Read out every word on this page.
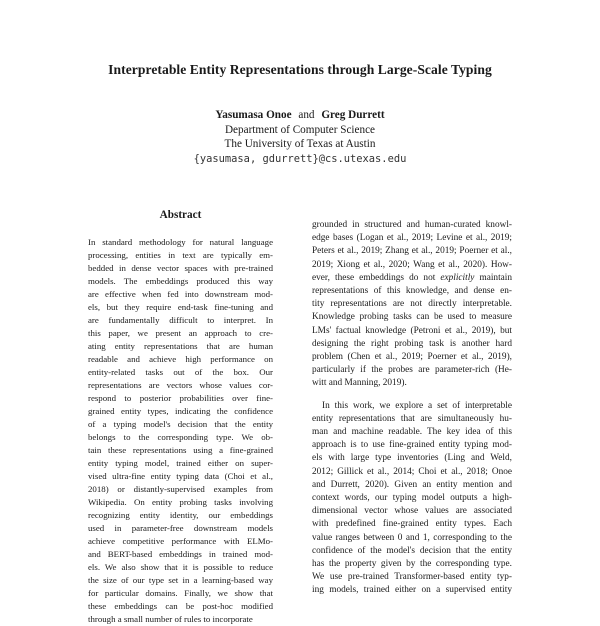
Interpretable Entity Representations through Large-Scale Typing
Yasumasa Onoe and Greg Durrett
Department of Computer Science
The University of Texas at Austin
{yasumasa, gdurrett}@cs.utexas.edu
Abstract
In standard methodology for natural language
processing, entities in text are typically em-
bedded in dense vector spaces with pre-trained
models. The embeddings produced this way
are effective when fed into downstream mod-
els, but they require end-task fine-tuning and
are fundamentally difficult to interpret. In
this paper, we present an approach to cre-
ating entity representations that are human
readable and achieve high performance on
entity-related tasks out of the box. Our
representations are vectors whose values cor-
respond to posterior probabilities over fine-
grained entity types, indicating the confidence
of a typing model's decision that the entity
belongs to the corresponding type. We ob-
tain these representations using a fine-grained
entity typing model, trained either on super-
vised ultra-fine entity typing data (Choi et al.,
2018) or distantly-supervised examples from
Wikipedia. On entity probing tasks involving
recognizing entity identity, our embeddings
used in parameter-free downstream models
achieve competitive performance with ELMo-
and BERT-based embeddings in trained mod-
els. We also show that it is possible to reduce
the size of our type set in a learning-based way
for particular domains. Finally, we show that
these embeddings can be post-hoc modified
through a small number of rules to incorporate
grounded in structured and human-curated knowl-
edge bases (Logan et al., 2019; Levine et al., 2019;
Peters et al., 2019; Zhang et al., 2019; Poerner et al.,
2019; Xiong et al., 2020; Wang et al., 2020). How-
ever, these embeddings do not explicitly maintain
representations of this knowledge, and dense en-
tity representations are not directly interpretable.
Knowledge probing tasks can be used to measure
LMs' factual knowledge (Petroni et al., 2019), but
designing the right probing task is another hard
problem (Chen et al., 2019; Poerner et al., 2019),
particularly if the probes are parameter-rich (He-
witt and Manning, 2019).
In this work, we explore a set of interpretable
entity representations that are simultaneously hu-
man and machine readable. The key idea of this
approach is to use fine-grained entity typing mod-
els with large type inventories (Ling and Weld,
2012; Gillick et al., 2014; Choi et al., 2018; Onoe
and Durrett, 2020). Given an entity mention and
context words, our typing model outputs a high-
dimensional vector whose values are associated
with predefined fine-grained entity types. Each
value ranges between 0 and 1, corresponding to the
confidence of the model's decision that the entity
has the property given by the corresponding type.
We use pre-trained Transformer-based entity typ-
ing models, trained either on a supervised entity
